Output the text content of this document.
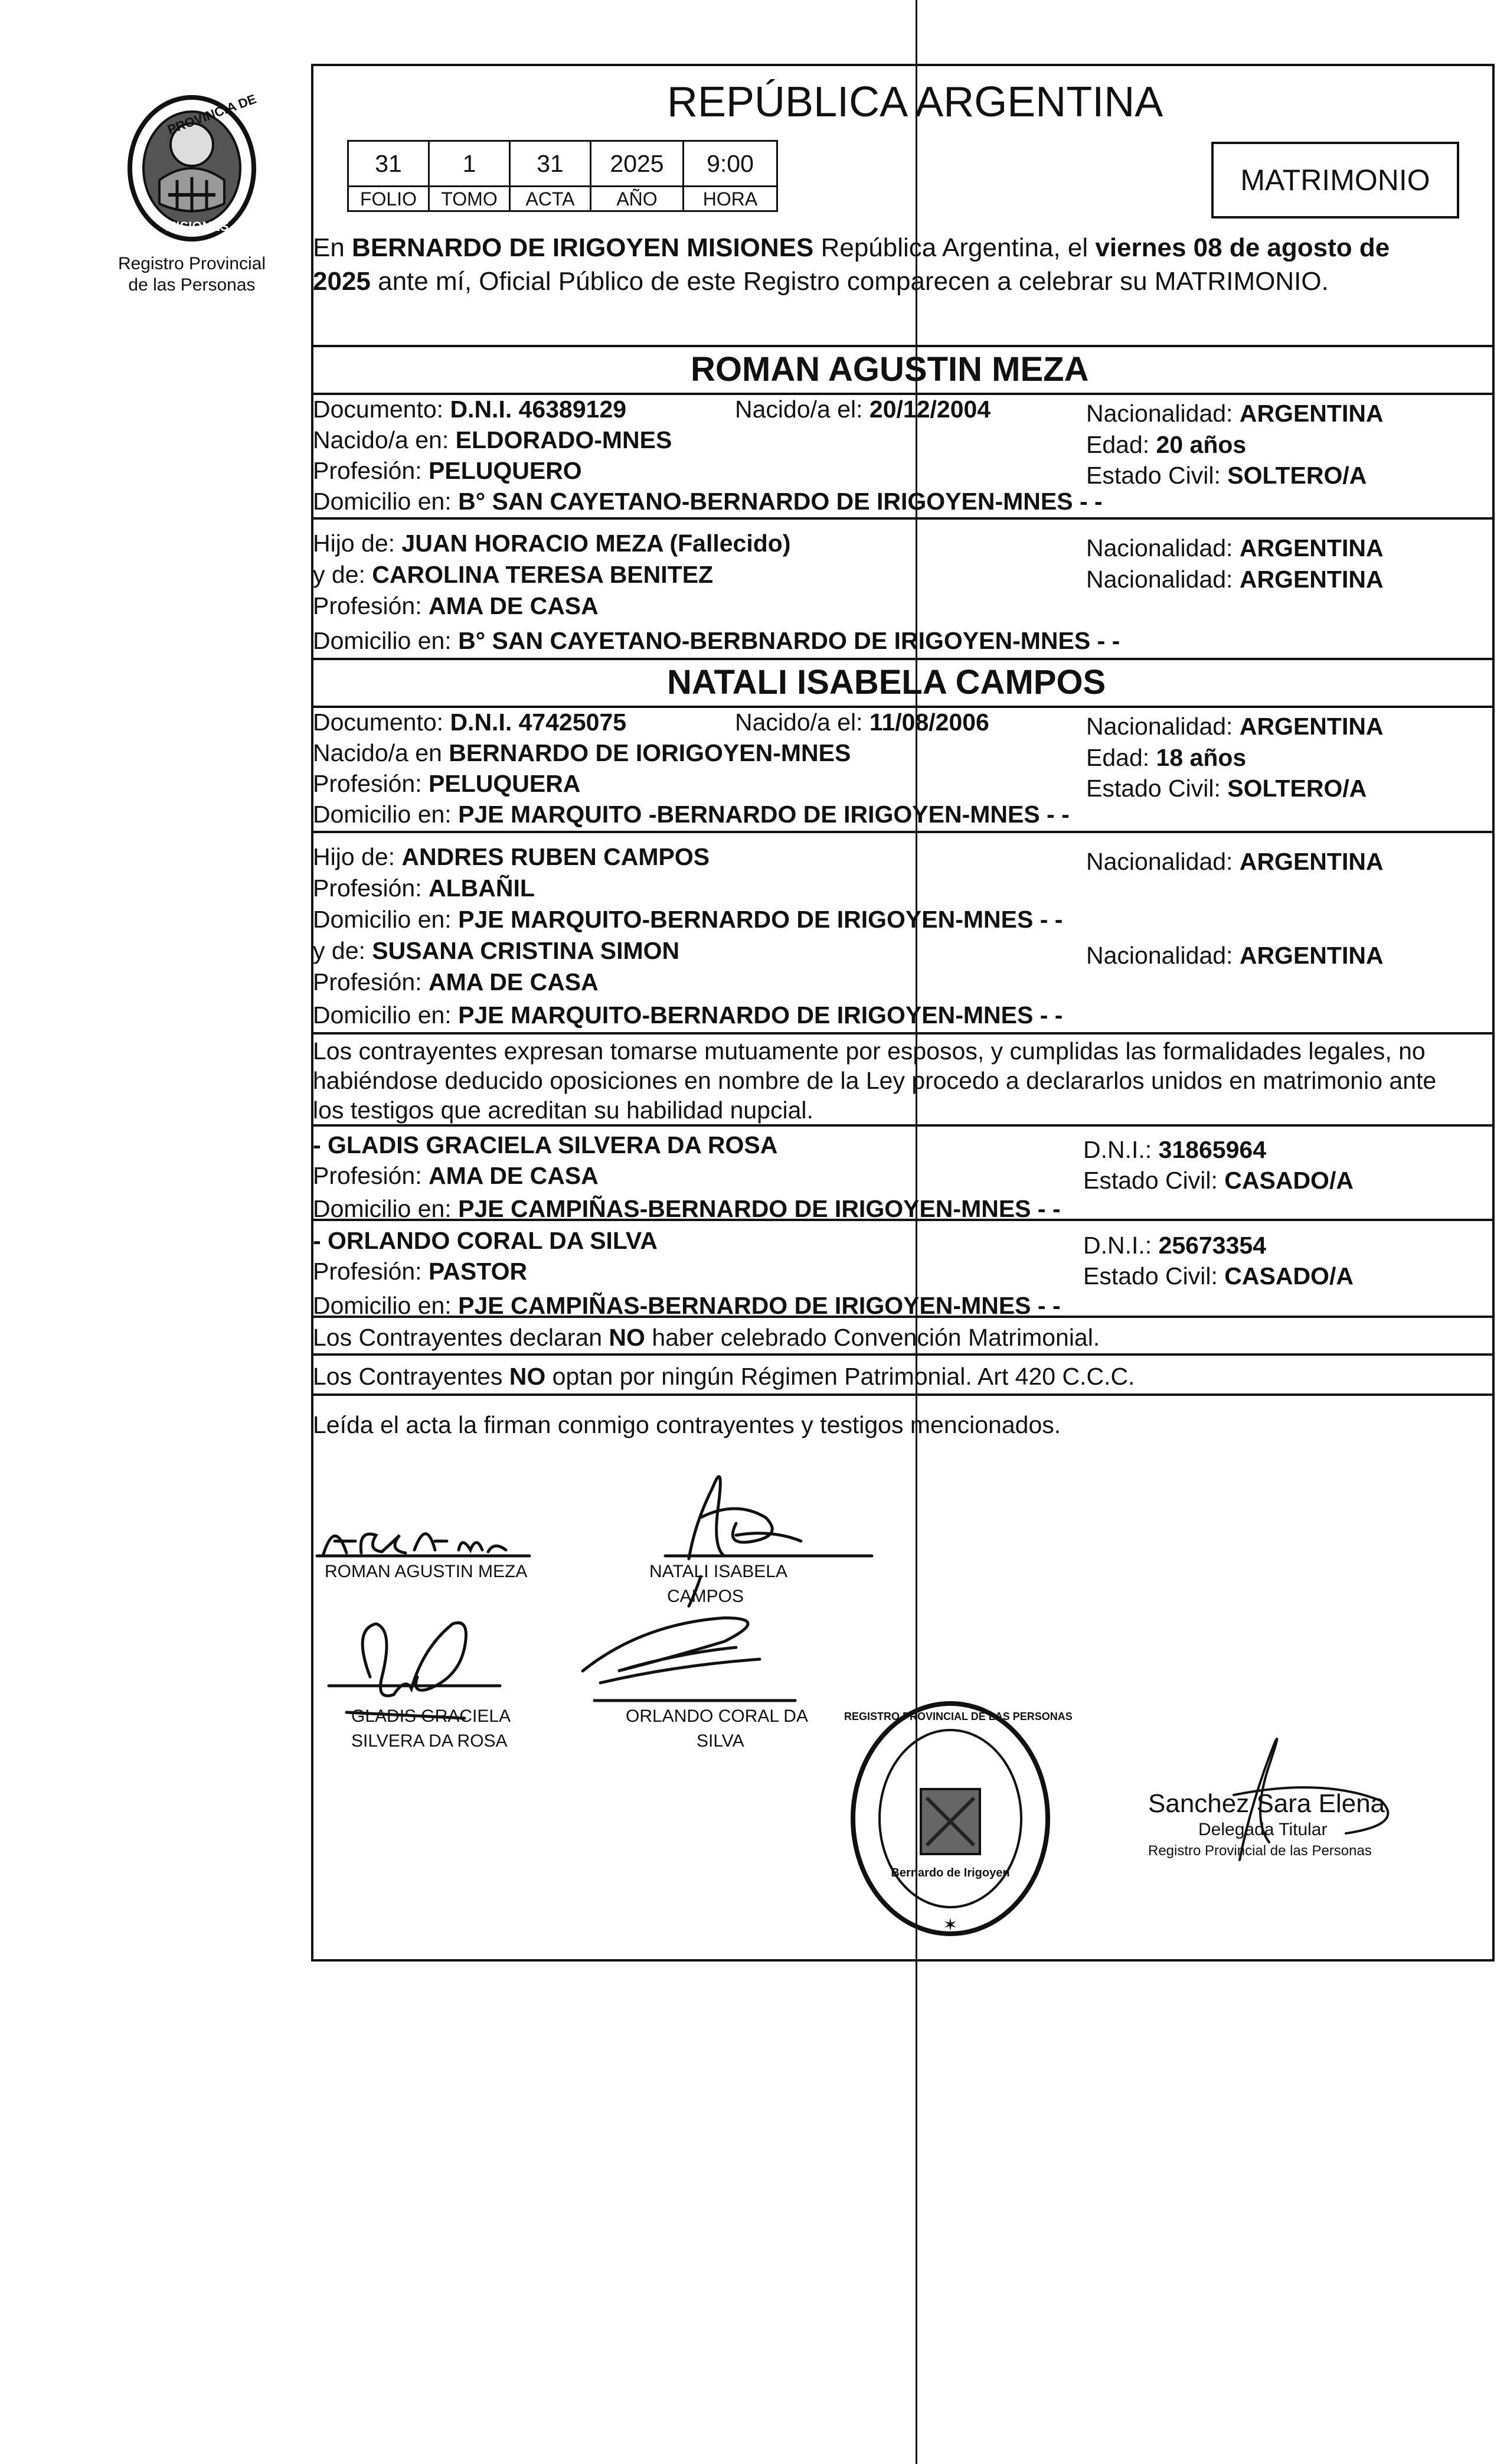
PROVINCIA DE
MISIONES
Registro Provincial
de las Personas
REPÚBLICA ARGENTINA
31	1	31	2025	9:00
FOLIO	TOMO	ACTA	AÑO	HORA
MATRIMONIO
En BERNARDO DE IRIGOYEN MISIONES República Argentina, el viernes 08 de agosto de
2025 ante mí, Oficial Público de este Registro comparecen a celebrar su MATRIMONIO.
ROMAN AGUSTIN MEZA
Documento: D.N.I. 46389129	Nacido/a el: 20/12/2004	Nacionalidad: ARGENTINA
Nacido/a en: ELDORADO-MNES	Edad: 20 años
Profesión: PELUQUERO	Estado Civil: SOLTERO/A
Domicilio en: B° SAN CAYETANO-BERNARDO DE IRIGOYEN-MNES - -
Hijo de: JUAN HORACIO MEZA (Fallecido)	Nacionalidad: ARGENTINA
y de: CAROLINA TERESA BENITEZ	Nacionalidad: ARGENTINA
Profesión: AMA DE CASA
Domicilio en: B° SAN CAYETANO-BERBNARDO DE IRIGOYEN-MNES - -
NATALI ISABELA CAMPOS
Documento: D.N.I. 47425075	Nacido/a el: 11/08/2006	Nacionalidad: ARGENTINA
Nacido/a en BERNARDO DE IORIGOYEN-MNES	Edad: 18 años
Profesión: PELUQUERA	Estado Civil: SOLTERO/A
Domicilio en: PJE MARQUITO -BERNARDO DE IRIGOYEN-MNES - -
Hijo de: ANDRES RUBEN CAMPOS	Nacionalidad: ARGENTINA
Profesión: ALBAÑIL
Domicilio en: PJE MARQUITO-BERNARDO DE IRIGOYEN-MNES - -
y de: SUSANA CRISTINA SIMON	Nacionalidad: ARGENTINA
Profesión: AMA DE CASA
Domicilio en: PJE MARQUITO-BERNARDO DE IRIGOYEN-MNES - -
Los contrayentes expresan tomarse mutuamente por esposos, y cumplidas las formalidades legales, no
habiéndose deducido oposiciones en nombre de la Ley procedo a declararlos unidos en matrimonio ante
los testigos que acreditan su habilidad nupcial.
- GLADIS GRACIELA SILVERA DA ROSA	D.N.I.: 31865964
Profesión: AMA DE CASA	Estado Civil: CASADO/A
Domicilio en: PJE CAMPIÑAS-BERNARDO DE IRIGOYEN-MNES - -
- ORLANDO CORAL DA SILVA	D.N.I.: 25673354
Profesión: PASTOR	Estado Civil: CASADO/A
Domicilio en: PJE CAMPIÑAS-BERNARDO DE IRIGOYEN-MNES - -
Los Contrayentes declaran NO haber celebrado Convención Matrimonial.
Los Contrayentes NO optan por ningún Régimen Patrimonial. Art 420 C.C.C.
Leída el acta la firman conmigo contrayentes y testigos mencionados.
ROMAN AGUSTIN MEZA	NATALI ISABELA
CAMPOS
GLADIS GRACIELA
SILVERA DA ROSA
ORLANDO CORAL DA
SILVA
✶
REGISTRO PROVINCIAL DE LAS PERSONAS
Bernardo de Irigoyen
Sanchez Sara Elena
Delegada Titular
Registro Provincial de las Personas
